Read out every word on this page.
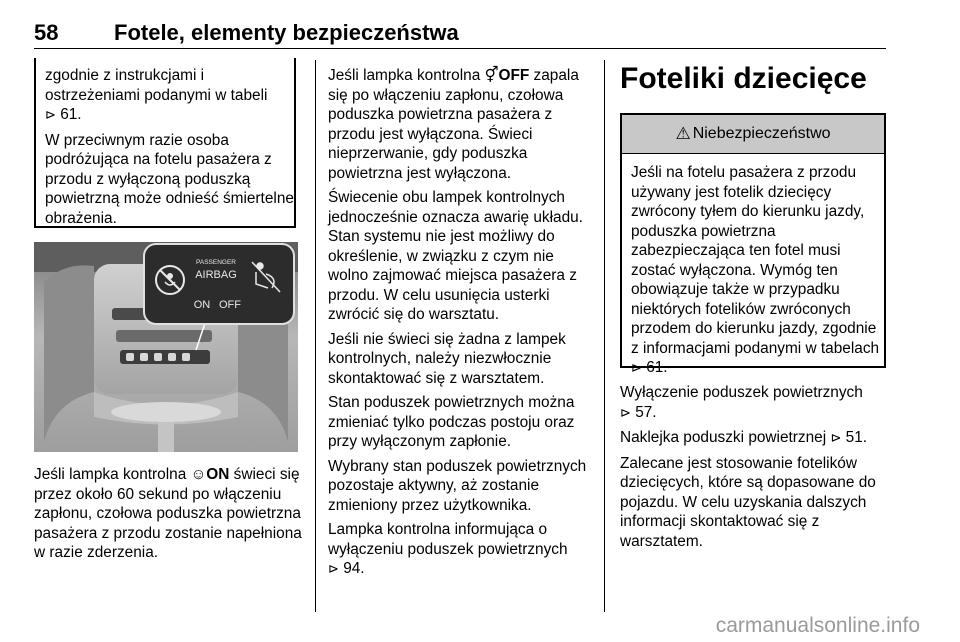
58	Fotele, elementy bezpieczeństwa

zgodnie z instrukcjami i ostrzeżeniami podanymi w tabeli
⊳ 61.

W przeciwnym razie osoba podróżująca na fotelu pasażera z przodu z wyłączoną poduszką powietrzną może odnieść śmiertelne obrażenia.

PASSENGER
AIRBAG
ON OFF

Jeśli lampka kontrolna ☺ON świeci się przez około 60 sekund po włączeniu zapłonu, czołowa poduszka powietrzna pasażera z przodu zostanie napełniona w razie zderzenia.

Jeśli lampka kontrolna ⚥OFF zapala się po włączeniu zapłonu, czołowa poduszka powietrzna pasażera z przodu jest wyłączona. Świeci nieprzerwanie, gdy poduszka powietrzna jest wyłączona.

Świecenie obu lampek kontrolnych jednocześnie oznacza awarię układu. Stan systemu nie jest możliwy do określenie, w związku z czym nie wolno zajmować miejsca pasażera z przodu. W celu usunięcia usterki zwrócić się do warsztatu.

Jeśli nie świeci się żadna z lampek kontrolnych, należy niezwłocznie skontaktować się z warsztatem.

Stan poduszek powietrznych można zmieniać tylko podczas postoju oraz przy wyłączonym zapłonie.

Wybrany stan poduszek powietrznych pozostaje aktywny, aż zostanie zmieniony przez użytkownika.

Lampka kontrolna informująca o wyłączeniu poduszek powietrznych
⊳ 94.

Foteliki dziecięce
⚠ Niebezpieczeństwo
Jeśli na fotelu pasażera z przodu używany jest fotelik dziecięcy zwrócony tyłem do kierunku jazdy, poduszka powietrzna zabezpieczająca ten fotel musi zostać wyłączona. Wymóg ten obowiązuje także w przypadku niektórych fotelików zwróconych przodem do kierunku jazdy, zgodnie z informacjami podanymi w tabelach ⊳ 61.

Wyłączenie poduszek powietrznych
⊳ 57.

Naklejka poduszki powietrznej ⊳ 51.

Zalecane jest stosowanie fotelików dziecięcych, które są dopasowane do pojazdu. W celu uzyskania dalszych informacji skontaktować się z warsztatem.

carmanualsonline.info
